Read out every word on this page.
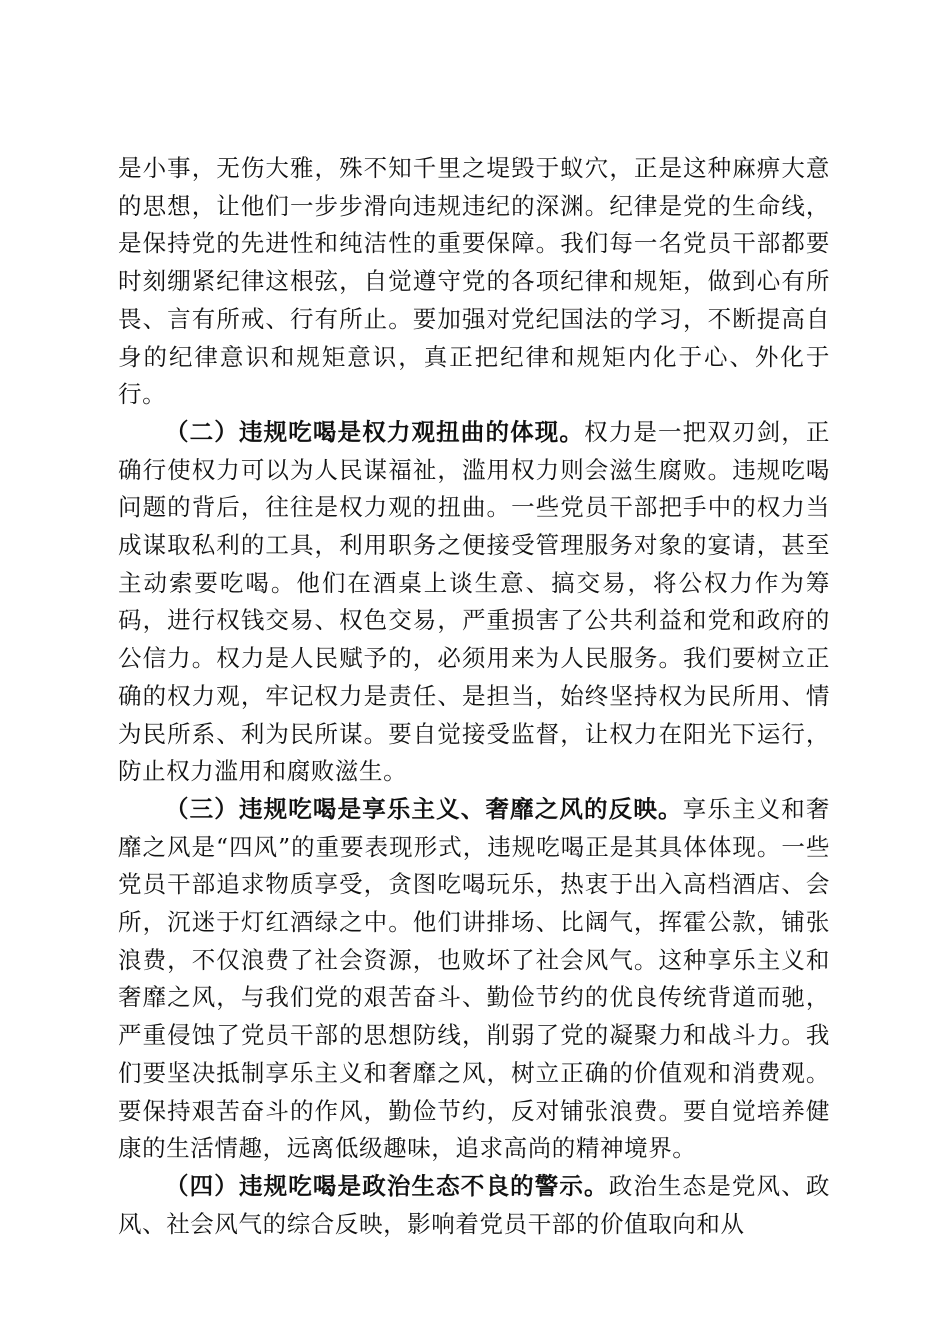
是小事，无伤大雅，殊不知千里之堤毁于蚁穴，正是这种麻痹大意的思想，让他们一步步滑向违规违纪的深渊。纪律是党的生命线，是保持党的先进性和纯洁性的重要保障。我们每一名党员干部都要时刻绷紧纪律这根弦，自觉遵守党的各项纪律和规矩，做到心有所畏、言有所戒、行有所止。要加强对党纪国法的学习，不断提高自身的纪律意识和规矩意识，真正把纪律和规矩内化于心、外化于行。

（二）违规吃喝是权力观扭曲的体现。权力是一把双刃剑，正确行使权力可以为人民谋福祉，滥用权力则会滋生腐败。违规吃喝问题的背后，往往是权力观的扭曲。一些党员干部把手中的权力当成谋取私利的工具，利用职务之便接受管理服务对象的宴请，甚至主动索要吃喝。他们在酒桌上谈生意、搞交易，将公权力作为筹码，进行权钱交易、权色交易，严重损害了公共利益和党和政府的公信力。权力是人民赋予的，必须用来为人民服务。我们要树立正确的权力观，牢记权力是责任、是担当，始终坚持权为民所用、情为民所系、利为民所谋。要自觉接受监督，让权力在阳光下运行，防止权力滥用和腐败滋生。

（三）违规吃喝是享乐主义、奢靡之风的反映。享乐主义和奢靡之风是“四风”的重要表现形式，违规吃喝正是其具体体现。一些党员干部追求物质享受，贪图吃喝玩乐，热衷于出入高档酒店、会所，沉迷于灯红酒绿之中。他们讲排场、比阔气，挥霍公款，铺张浪费，不仅浪费了社会资源，也败坏了社会风气。这种享乐主义和奢靡之风，与我们党的艰苦奋斗、勤俭节约的优良传统背道而驰，严重侵蚀了党员干部的思想防线，削弱了党的凝聚力和战斗力。我们要坚决抵制享乐主义和奢靡之风，树立正确的价值观和消费观。要保持艰苦奋斗的作风，勤俭节约，反对铺张浪费。要自觉培养健康的生活情趣，远离低级趣味，追求高尚的精神境界。

（四）违规吃喝是政治生态不良的警示。政治生态是党风、政风、社会风气的综合反映，影响着党员干部的价值取向和从
